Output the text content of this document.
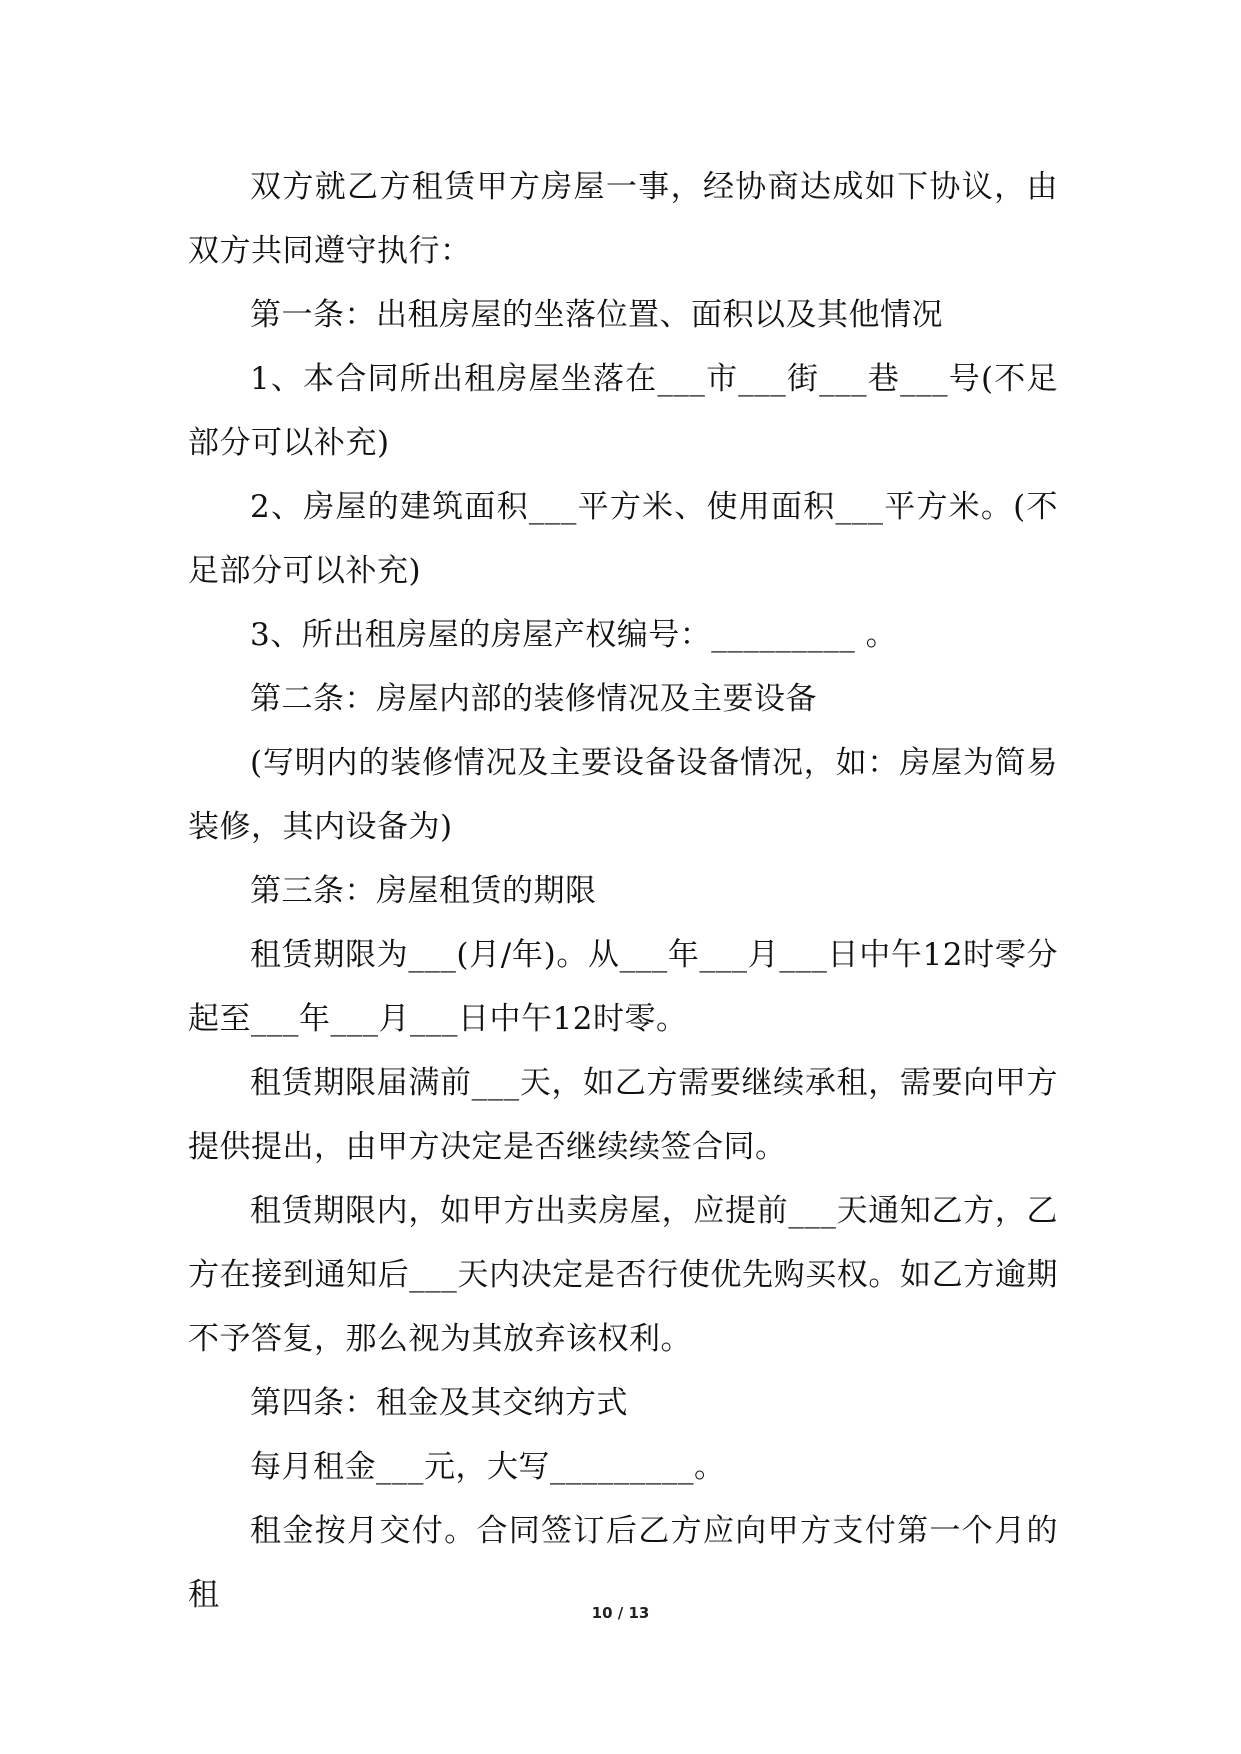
双方就乙方租赁甲方房屋一事，经协商达成如下协议，由双方共同遵守执行：

第一条：出租房屋的坐落位置、面积以及其他情况

1、本合同所出租房屋坐落在___市___街___巷___号(不足部分可以补充)

2、房屋的建筑面积___平方米、使用面积___平方米。(不足部分可以补充)

3、所出租房屋的房屋产权编号：_________ 。

第二条：房屋内部的装修情况及主要设备

(写明内的装修情况及主要设备设备情况，如：房屋为简易装修，其内设备为)

第三条：房屋租赁的期限

租赁期限为___(月/年)。从___年___月___日中午12时零分起至___年___月___日中午12时零。

租赁期限届满前___天，如乙方需要继续承租，需要向甲方提供提出，由甲方决定是否继续续签合同。

租赁期限内，如甲方出卖房屋，应提前___天通知乙方，乙方在接到通知后___天内决定是否行使优先购买权。如乙方逾期不予答复，那么视为其放弃该权利。

第四条：租金及其交纳方式

每月租金___元，大写_________。

租金按月交付。合同签订后乙方应向甲方支付第一个月的租	10 / 13
